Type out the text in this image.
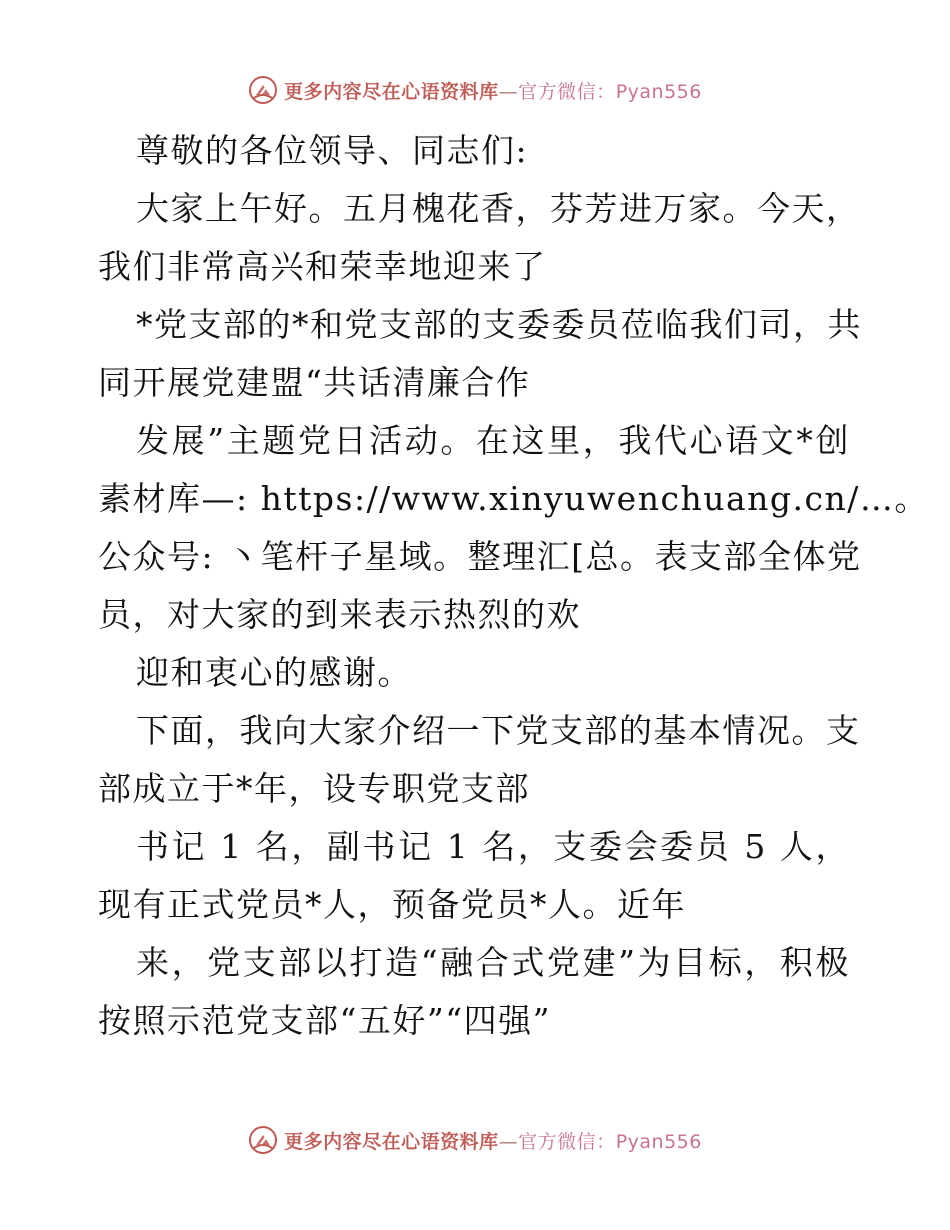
更多内容尽在心语资料库—官方微信：Pyan556
尊敬的各位领导、同志们:
大家上午好。五月槐花香，芬芳进万家。今天，
我们非常高兴和荣幸地迎来了
*党支部的*和党支部的支委委员莅临我们司，共
同开展党建盟“共话清廉合作
发展”主题党日活动。在这里，我代心语文*创
素材库—: https://www.xinyuwenchuang.cn/…。
公众号: 丶笔杆子星域。整理汇[总。表支部全体党
员，对大家的到来表示热烈的欢
迎和衷心的感谢。
下面，我向大家介绍一下党支部的基本情况。支
部成立于*年，设专职党支部
书记 1 名，副书记 1 名，支委会委员 5 人，
现有正式党员*人，预备党员*人。近年
来，党支部以打造“融合式党建”为目标，积极
按照示范党支部“五好”“四强”
更多内容尽在心语资料库—官方微信：Pyan556
